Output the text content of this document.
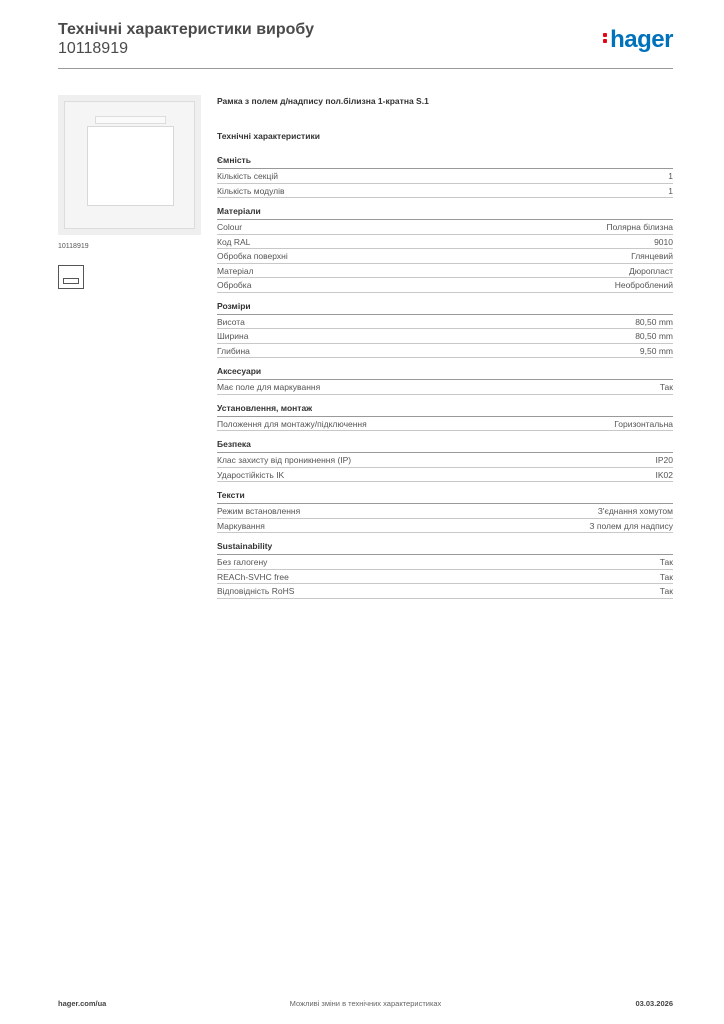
Технічні характеристики виробу
10118919	hager
10118919
Рамка з полем д/надпису пол.білизна 1-кратна S.1
Технічні характеристики
Ємність
Кількість секцій	1
Кількість модулів	1
Матеріали
Colour	Полярна білизна
Код RAL	9010
Обробка поверхні	Глянцевий
Матеріал	Дюропласт
Обробка	Необроблений
Розміри
Висота	80,50 mm
Ширина	80,50 mm
Глибина	9,50 mm
Аксесуари
Має поле для маркування	Так
Установлення, монтаж
Положення для монтажу/підключення	Горизонтальна
Безпека
Клас захисту від проникнення (IP)	IP20
Ударостійкість IK	IK02
Тексти
Режим встановлення	З'єднання хомутом
Маркування	З полем для надпису
Sustainability
Без галогену	Так
REACh-SVHC free	Так
Відповідність RoHS	Так
Можливі зміни в технічних характеристиках
hager.com/ua	03.03.2026
